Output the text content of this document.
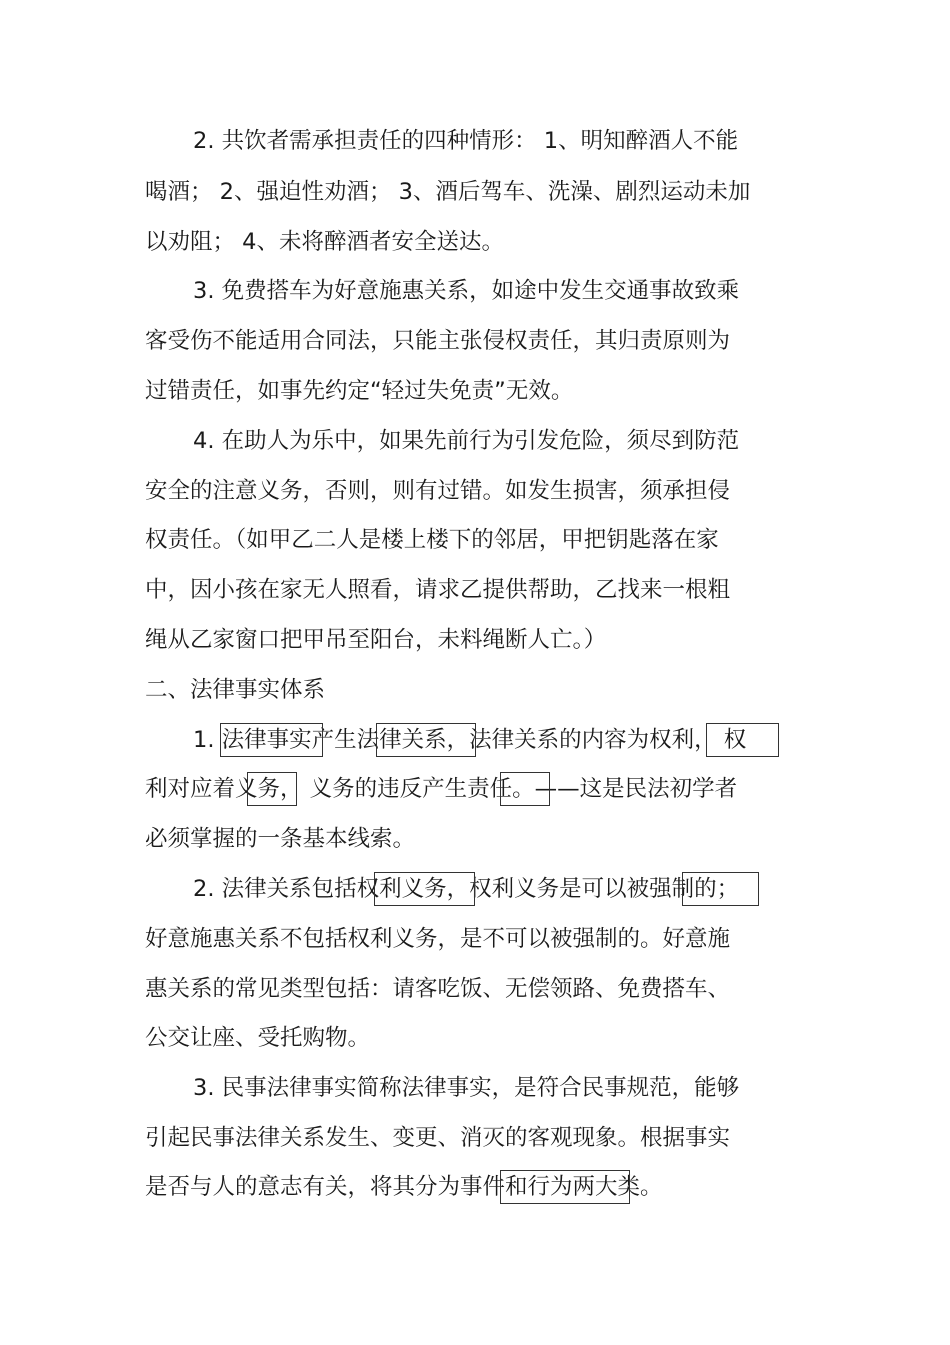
2. 共饮者需承担责任的四种情形： 1、明知醉酒人不能
喝酒； 2、强迫性劝酒； 3、酒后驾车、洗澡、剧烈运动未加
以劝阻； 4、未将醉酒者安全送达。
3. 免费搭车为好意施惠关系，如途中发生交通事故致乘
客受伤不能适用合同法，只能主张侵权责任，其归责原则为
过错责任，如事先约定“轻过失免责”无效。
4. 在助人为乐中，如果先前行为引发危险，须尽到防范
安全的注意义务，否则，则有过错。如发生损害，须承担侵
权责任。（如甲乙二人是楼上楼下的邻居，甲把钥匙落在家
中，因小孩在家无人照看，请求乙提供帮助，乙找来一根粗
绳从乙家窗口把甲吊至阳台，未料绳断人亡。）
二、法律事实体系
1. 法律事实产生法律关系，法律关系的内容为权利， 权
利对应着义务， 义务的违反产生责任。——这是民法初学者
必须掌握的一条基本线索。
2. 法律关系包括权利义务，权利义务是可以被强制的；
好意施惠关系不包括权利义务，是不可以被强制的。好意施
惠关系的常见类型包括：请客吃饭、无偿领路、免费搭车、
公交让座、受托购物。
3. 民事法律事实简称法律事实，是符合民事规范，能够
引起民事法律关系发生、变更、消灭的客观现象。根据事实
是否与人的意志有关，将其分为事件和行为两大类。
